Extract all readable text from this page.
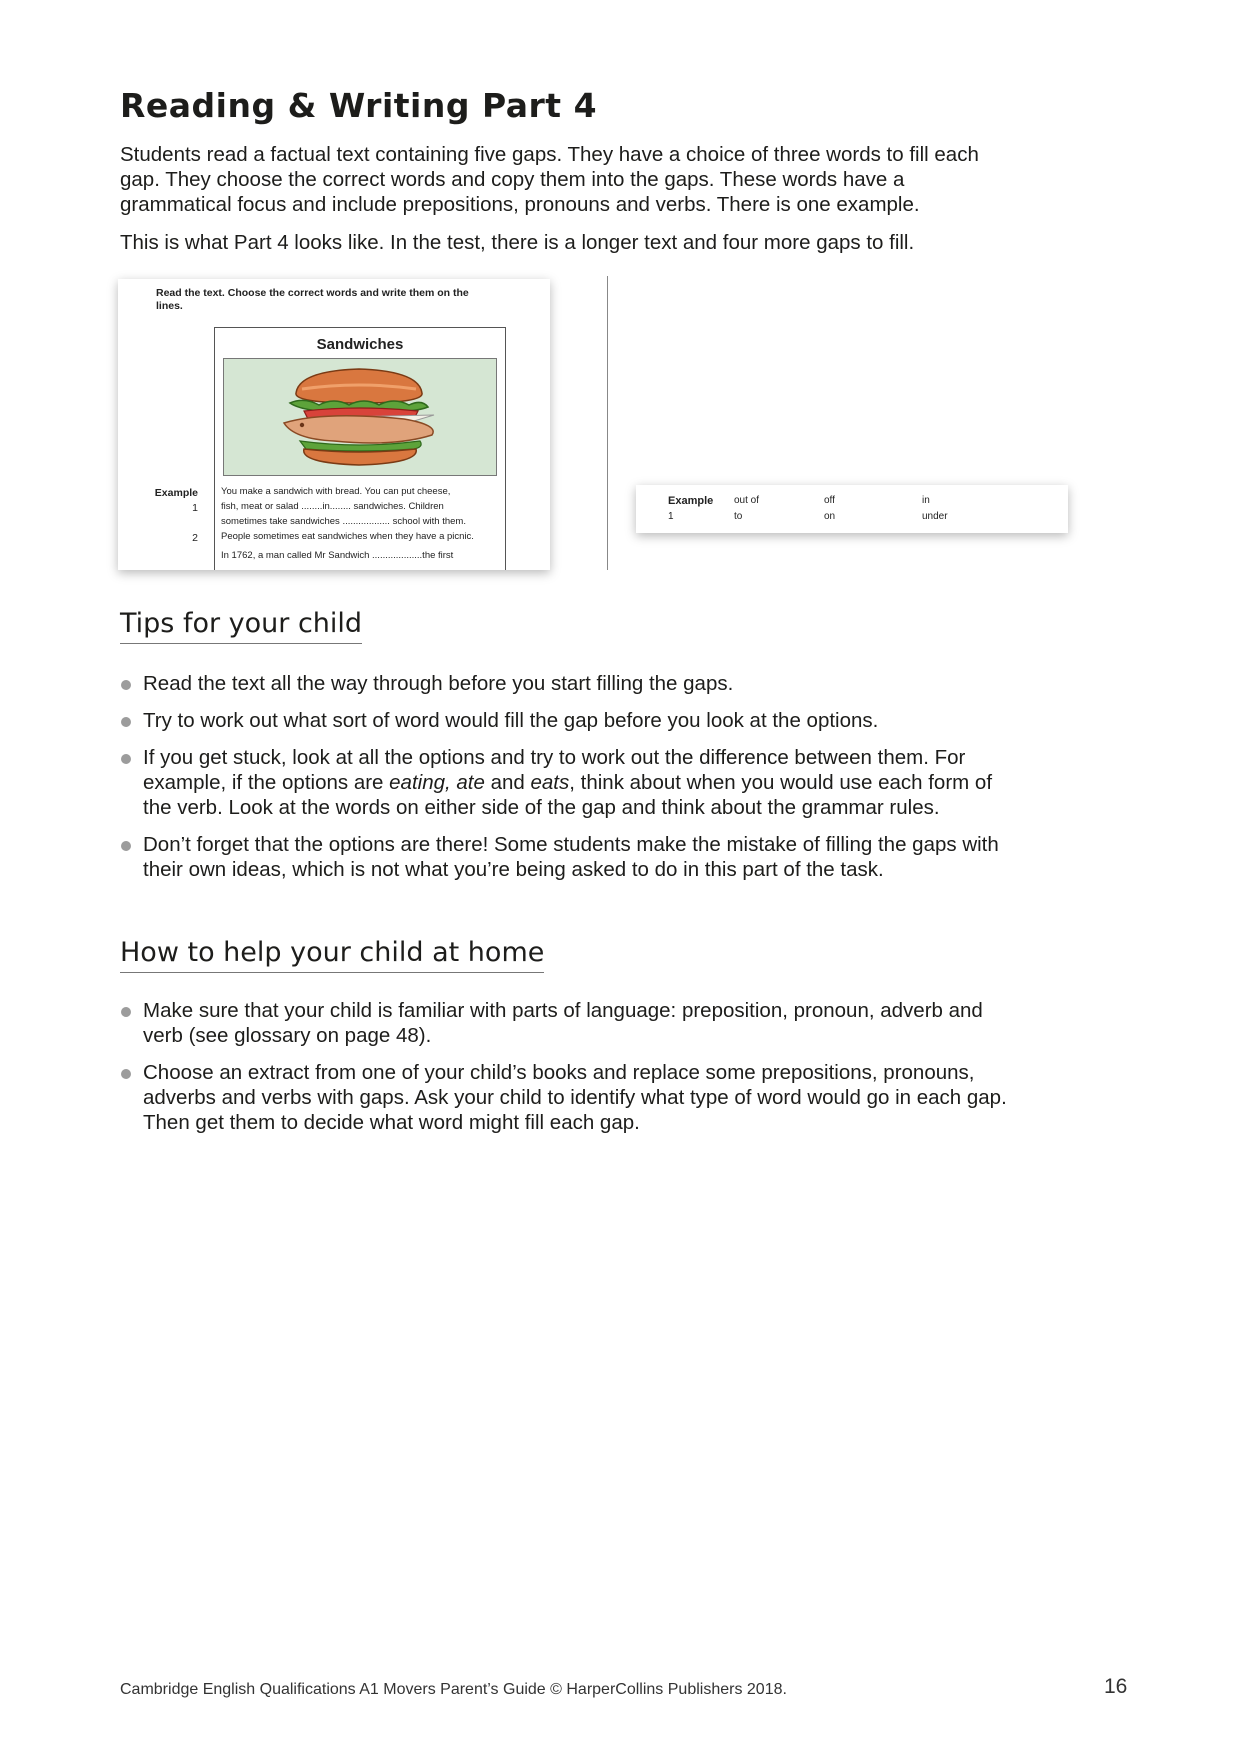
Reading & Writing Part 4

Students read a factual text containing five gaps. They have a choice of three words to fill each gap. They choose the correct words and copy them into the gaps. These words have a grammatical focus and include prepositions, pronouns and verbs. There is one example.

This is what Part 4 looks like. In the test, there is a longer text and four more gaps to fill.

Read the text. Choose the correct words and write them on the lines.
Example
1
2
Sandwiches
You make a sandwich with bread. You can put cheese,
fish, meat or salad ........in........ sandwiches. Children
sometimes take sandwiches .................. school with them.
People sometimes eat sandwiches when they have a picnic.
In 1762, a man called Mr Sandwich ...................the first
Example out of	off	in
1	to	on	under
Tips for your child
Read the text all the way through before you start filling the gaps.
Try to work out what sort of word would fill the gap before you look at the options.
If you get stuck, look at all the options and try to work out the difference between them. For example, if the options are eating, ate and eats, think about when you would use each form of the verb. Look at the words on either side of the gap and think about the grammar rules.
Don’t forget that the options are there! Some students make the mistake of filling the gaps with their own ideas, which is not what you’re being asked to do in this part of the task.
How to help your child at home
Make sure that your child is familiar with parts of language: preposition, pronoun, adverb and verb (see glossary on page 48).
Choose an extract from one of your child’s books and replace some prepositions, pronouns, adverbs and verbs with gaps. Ask your child to identify what type of word would go in each gap. Then get them to decide what word might fill each gap.
Cambridge English Qualifications A1 Movers Parent’s Guide © HarperCollins Publishers 2018.	16
